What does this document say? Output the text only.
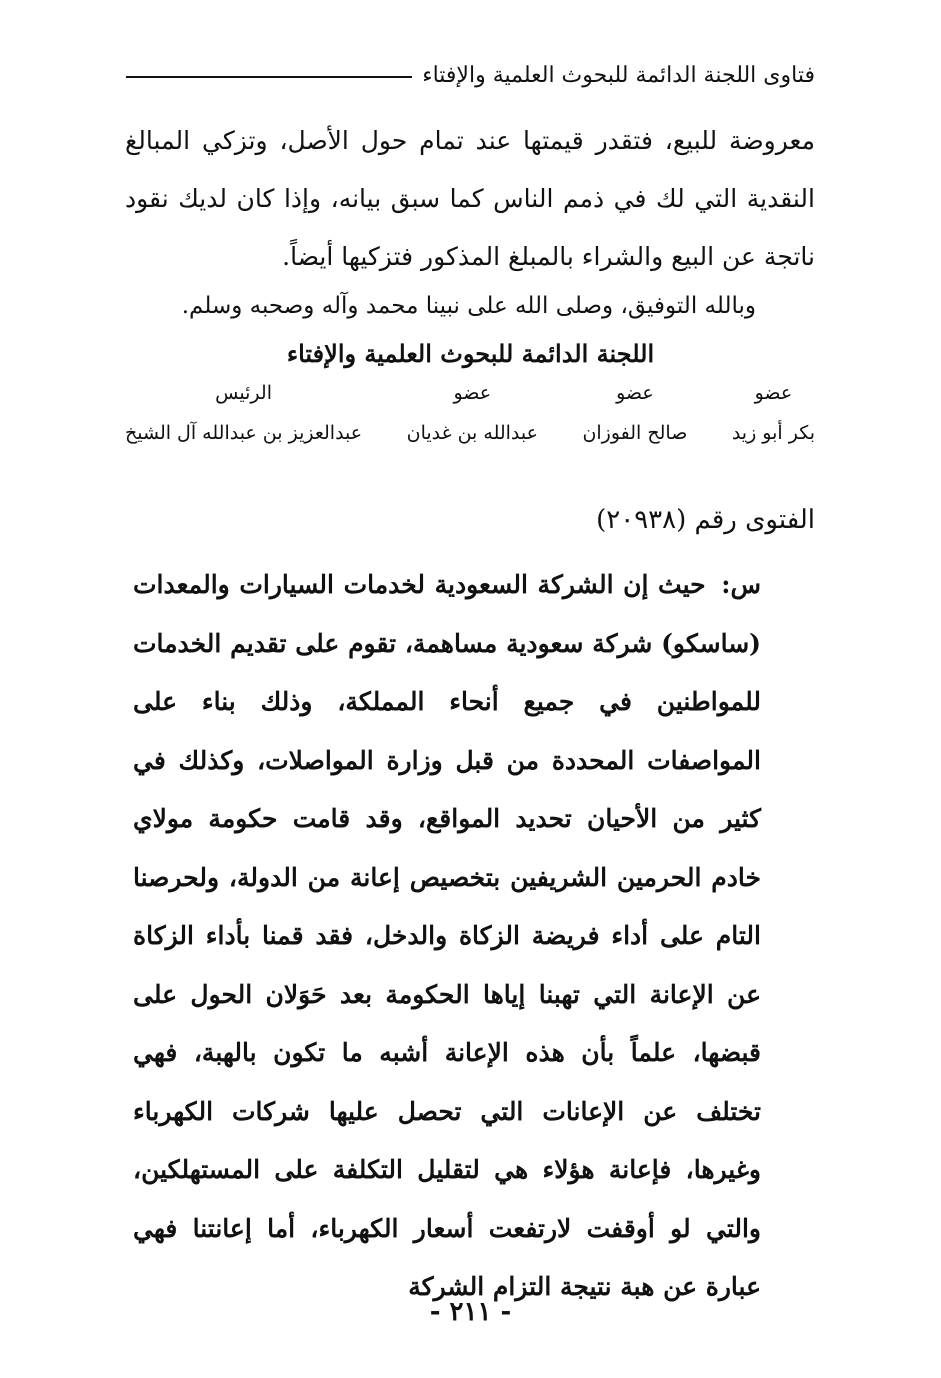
فتاوى اللجنة الدائمة للبحوث العلمية والإفتاء

معروضة للبيع، فتقدر قيمتها عند تمام حول الأصل، وتزكي المبالغ النقدية التي لك في ذمم الناس كما سبق بيانه، وإذا كان لديك نقود ناتجة عن البيع والشراء بالمبلغ المذكور فتزكيها أيضاً.

وبالله التوفيق، وصلى الله على نبينا محمد وآله وصحبه وسلم.

اللجنة الدائمة للبحوث العلمية والإفتاء
عضو
بكر أبو زيد
عضو
صالح الفوزان
عضو
عبدالله بن غديان
الرئيس
عبدالعزيز بن عبدالله آل الشيخ
الفتوى رقم (٢٠٩٣٨)

س: حيث إن الشركة السعودية لخدمات السيارات والمعدات (ساسكو) شركة سعودية مساهمة، تقوم على تقديم الخدمات للمواطنين في جميع أنحاء المملكة، وذلك بناء على المواصفات المحددة من قبل وزارة المواصلات، وكذلك في كثير من الأحيان تحديد المواقع، وقد قامت حكومة مولاي خادم الحرمين الشريفين بتخصيص إعانة من الدولة، ولحرصنا التام على أداء فريضة الزكاة والدخل، فقد قمنا بأداء الزكاة عن الإعانة التي تهبنا إياها الحكومة بعد حَوَلان الحول على قبضها، علماً بأن هذه الإعانة أشبه ما تكون بالهبة، فهي تختلف عن الإعانات التي تحصل عليها شركات الكهرباء وغيرها، فإعانة هؤلاء هي لتقليل التكلفة على المستهلكين، والتي لو أوقفت لارتفعت أسعار الكهرباء، أما إعانتنا فهي عبارة عن هبة نتيجة التزام الشركة

- ٢١١ -
